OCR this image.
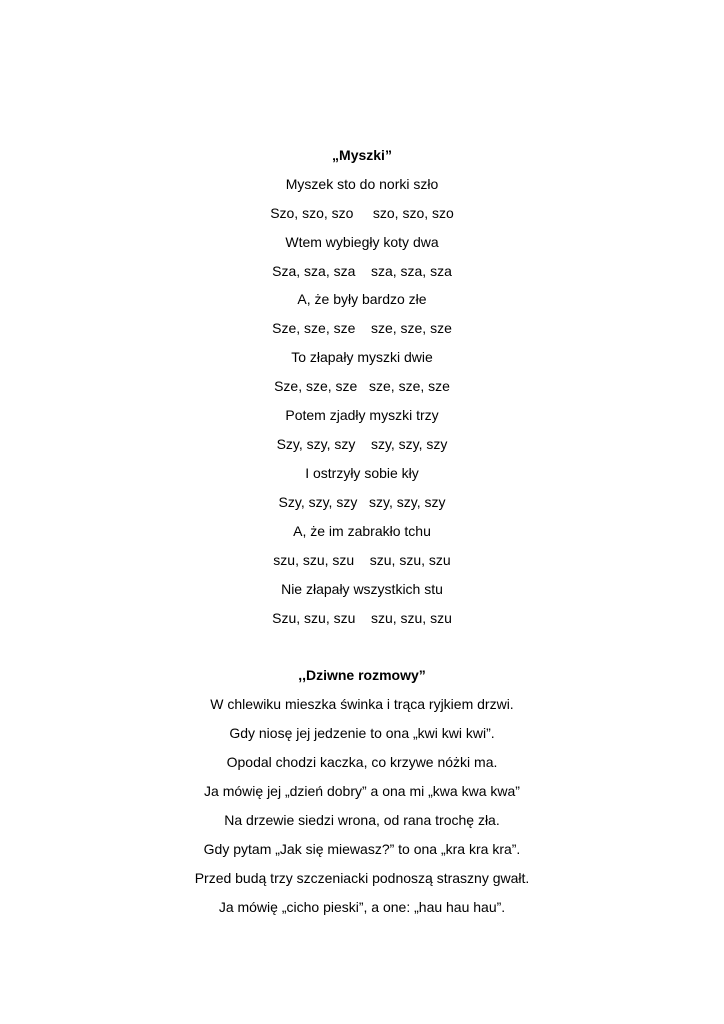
„Myszki”
Myszek sto do norki szło
Szo, szo, szo     szo, szo, szo
Wtem wybiegły koty dwa
Sza, sza, sza    sza, sza, sza
A, że były bardzo złe
Sze, sze, sze    sze, sze, sze
To złapały myszki dwie
Sze, sze, sze   sze, sze, sze
Potem zjadły myszki trzy
Szy, szy, szy    szy, szy, szy
I ostrzyły sobie kły
Szy, szy, szy   szy, szy, szy
A, że im zabrakło tchu
szu, szu, szu    szu, szu, szu
Nie złapały wszystkich stu
Szu, szu, szu    szu, szu, szu
,,Dziwne rozmowy”
W chlewiku mieszka świnka i trąca ryjkiem drzwi.
Gdy niosę jej jedzenie to ona „kwi kwi kwi”.
Opodal chodzi kaczka, co krzywe nóżki ma.
Ja mówię jej „dzień dobry” a ona mi „kwa kwa kwa”
Na drzewie siedzi wrona, od rana trochę zła.
Gdy pytam „Jak się miewasz?” to ona „kra kra kra”.
Przed budą trzy szczeniacki podnoszą straszny gwałt.
Ja mówię „cicho pieski”, a one: „hau hau hau”.
